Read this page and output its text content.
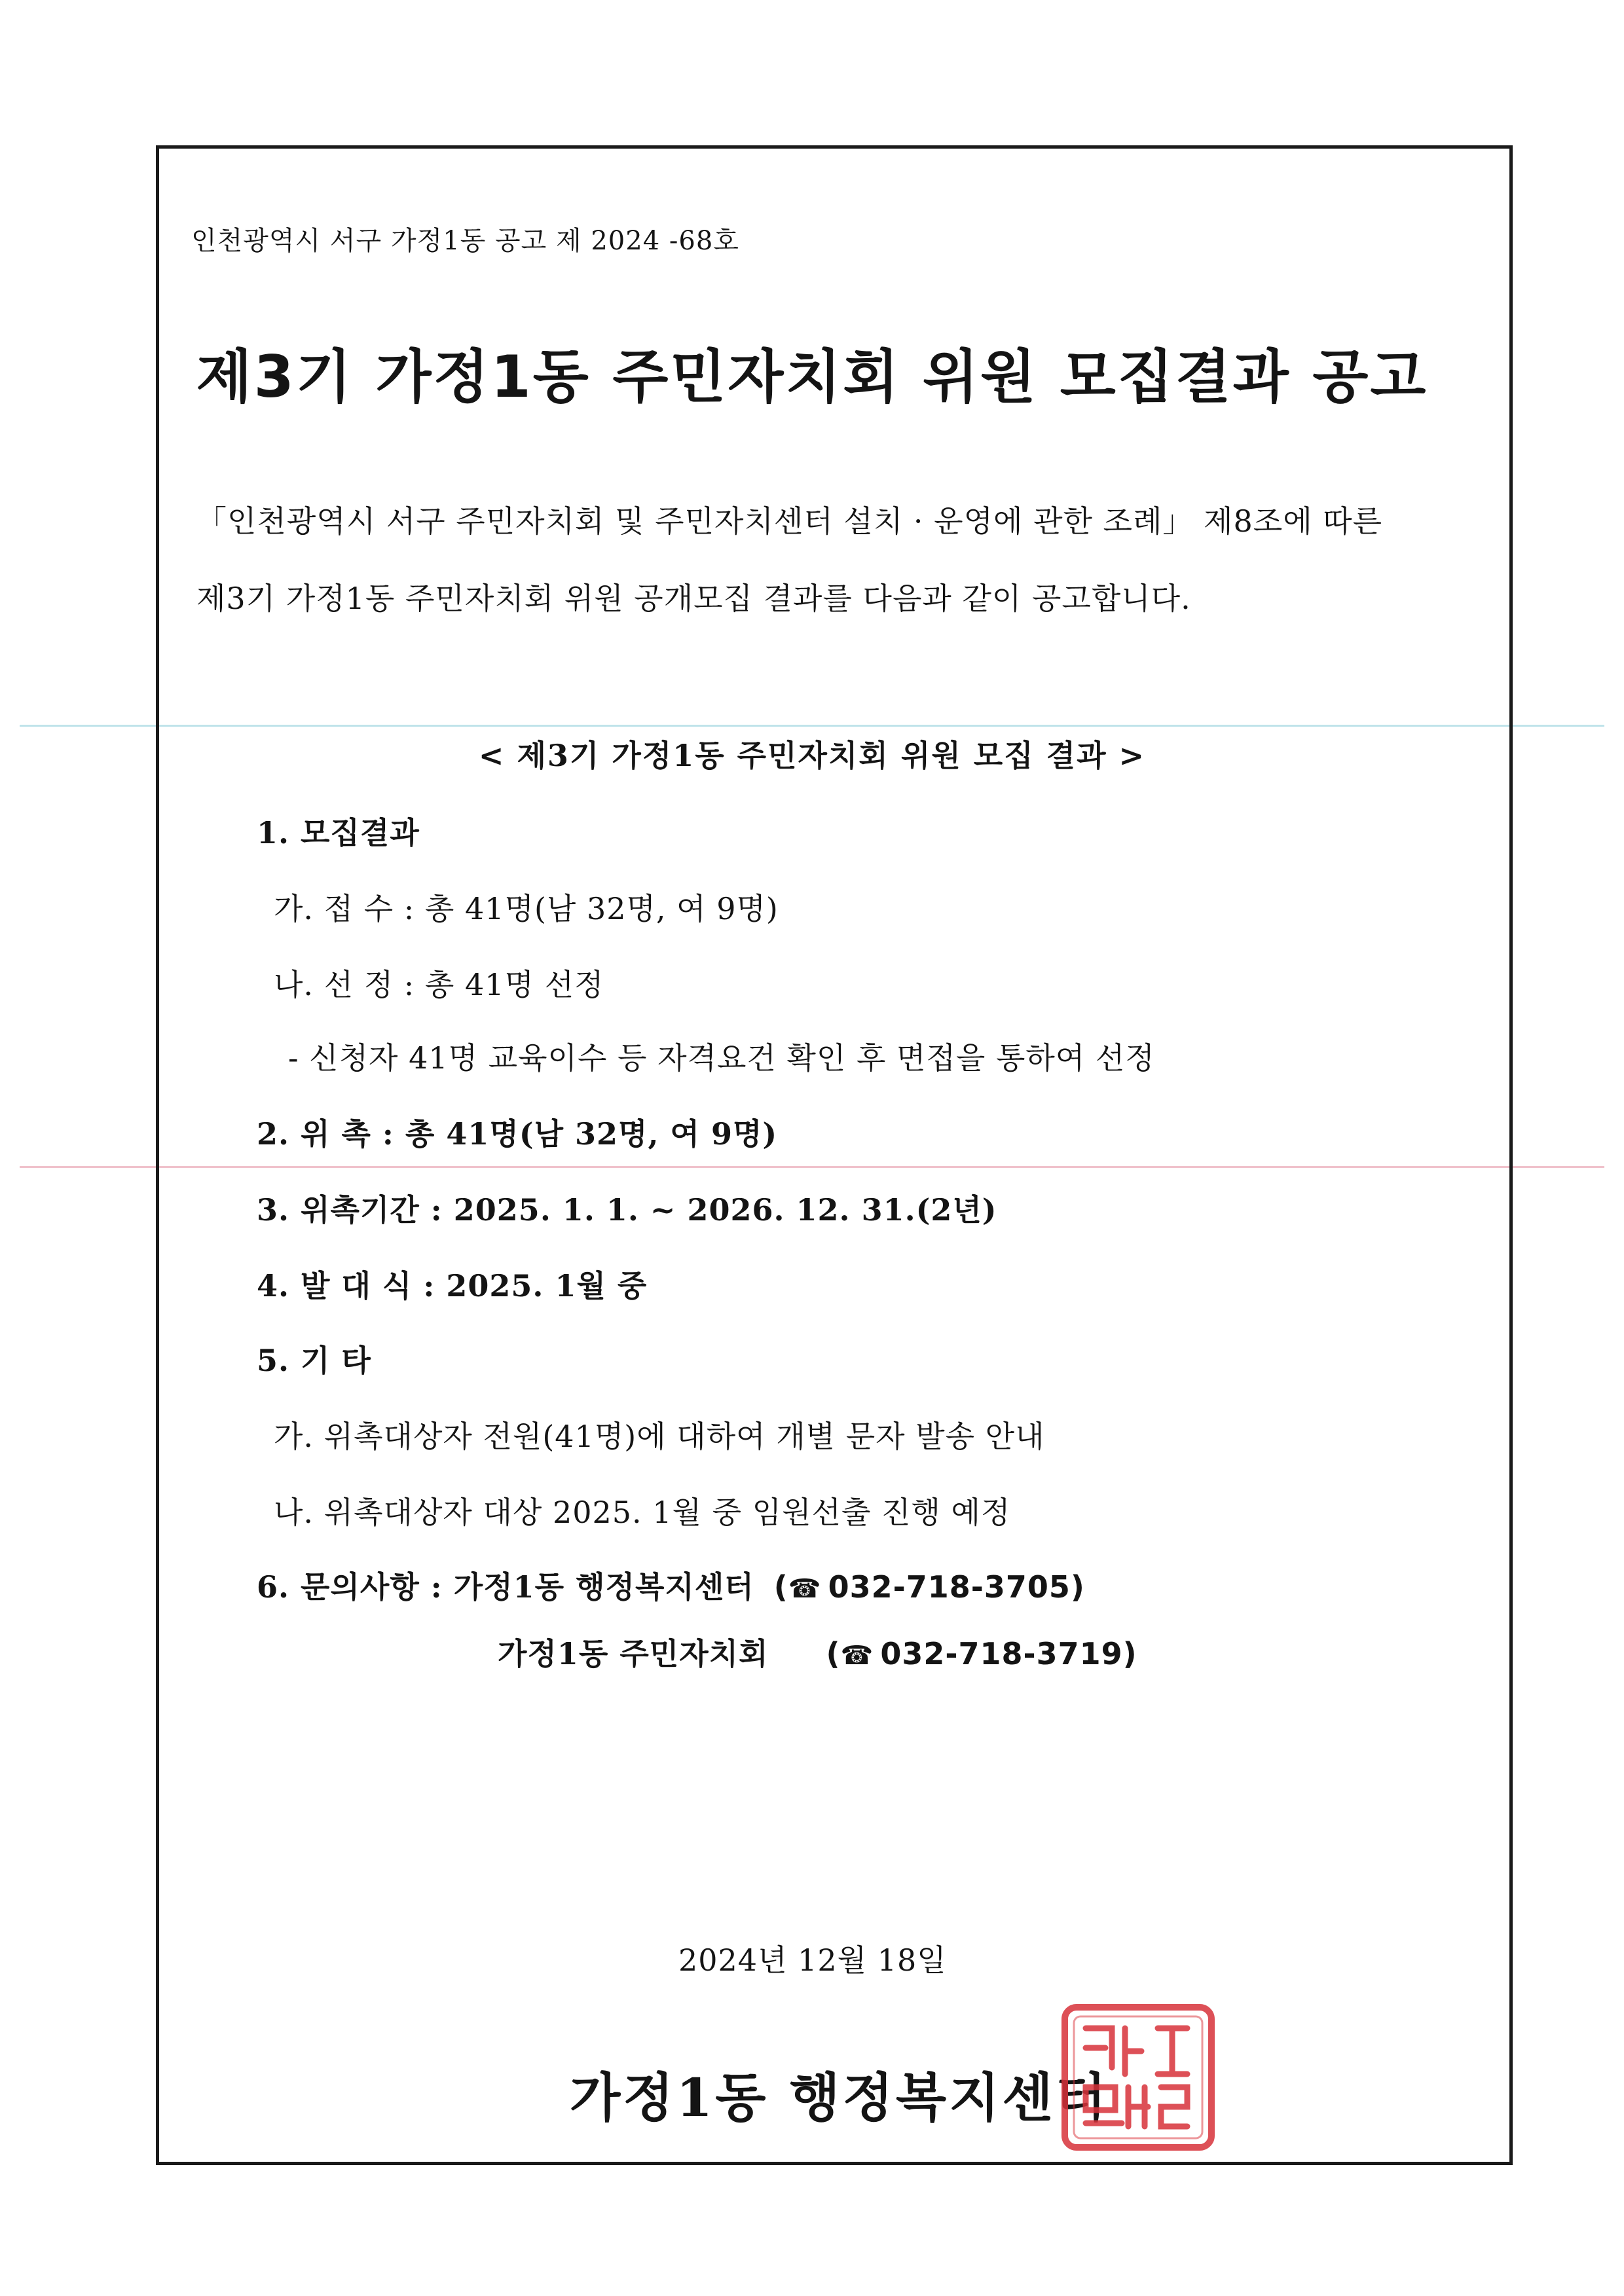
인천광역시 서구 가정1동 공고 제 2024 -68호
제3기 가정1동 주민자치회 위원 모집결과 공고
「인천광역시 서구 주민자치회 및 주민자치센터 설치 · 운영에 관한 조례」 제8조에 따른
제3기 가정1동 주민자치회 위원 공개모집 결과를 다음과 같이 공고합니다.
< 제3기 가정1동 주민자치회 위원 모집 결과 >
1. 모집결과
가. 접 수 : 총 41명(남 32명, 여 9명)
나. 선 정 : 총 41명 선정
- 신청자 41명 교육이수 등 자격요건 확인 후 면접을 통하여 선정
2. 위 촉 : 총 41명(남 32명, 여 9명)
3. 위촉기간 : 2025. 1. 1. ~ 2026. 12. 31.(2년)
4. 발 대 식 : 2025. 1월 중
5. 기 타
가. 위촉대상자 전원(41명)에 대하여 개별 문자 발송 안내
나. 위촉대상자 대상 2025. 1월 중 임원선출 진행 예정
6. 문의사항 : 가정1동 행정복지센터 (☎ 032-718-3705)
가정1동 주민자치회 (☎ 032-718-3719)
2024년 12월 18일
가정1동 행정복지센터
